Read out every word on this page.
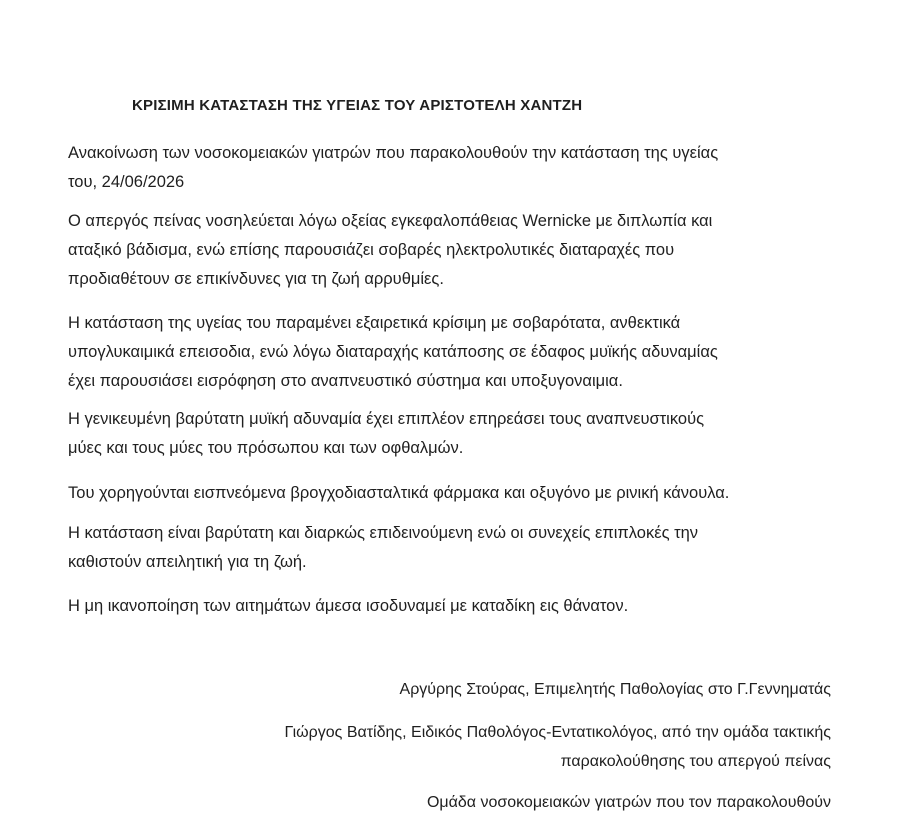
ΚΡΙΣΙΜΗ ΚΑΤΑΣΤΑΣΗ ΤΗΣ ΥΓΕΙΑΣ ΤΟΥ ΑΡΙΣΤΟΤΕΛΗ ΧΑΝΤΖΗ

Ανακοίνωση των νοσοκομειακών γιατρών που παρακολουθούν την κατάσταση της υγείας
του, 24/06/2026

Ο απεργός πείνας νοσηλεύεται λόγω οξείας εγκεφαλοπάθειας Wernicke με διπλωπία και
αταξικό βάδισμα, ενώ επίσης παρουσιάζει σοβαρές ηλεκτρολυτικές διαταραχές που
προδιαθέτουν σε επικίνδυνες για τη ζωή αρρυθμίες.

Η κατάσταση της υγείας του παραμένει εξαιρετικά κρίσιμη με σοβαρότατα, ανθεκτικά
υπογλυκαιμικά επεισοδια, ενώ λόγω διαταραχής κατάποσης σε έδαφος μυϊκής αδυναμίας
έχει παρουσιάσει εισρόφηση στο αναπνευστικό σύστημα και υποξυγοναιμια.

Η γενικευμένη βαρύτατη μυϊκή αδυναμία έχει επιπλέον επηρεάσει τους αναπνευστικούς
μύες και τους μύες του πρόσωπου και των οφθαλμών.

Του χορηγούνται εισπνεόμενα βρογχοδιασταλτικά φάρμακα και οξυγόνο με ρινική κάνουλα.

Η κατάσταση είναι βαρύτατη και διαρκώς επιδεινούμενη ενώ οι συνεχείς επιπλοκές την
καθιστούν απειλητική για τη ζωή.

Η μη ικανοποίηση των αιτημάτων άμεσα ισοδυναμεί με καταδίκη εις θάνατον.

Αργύρης Στούρας, Επιμελητής Παθολογίας στο Γ.Γεννηματάς

Γιώργος Βατίδης, Ειδικός Παθολόγος-Εντατικολόγος, από την ομάδα τακτικής
παρακολούθησης του απεργού πείνας

Ομάδα νοσοκομειακών γιατρών που τον παρακολουθούν
